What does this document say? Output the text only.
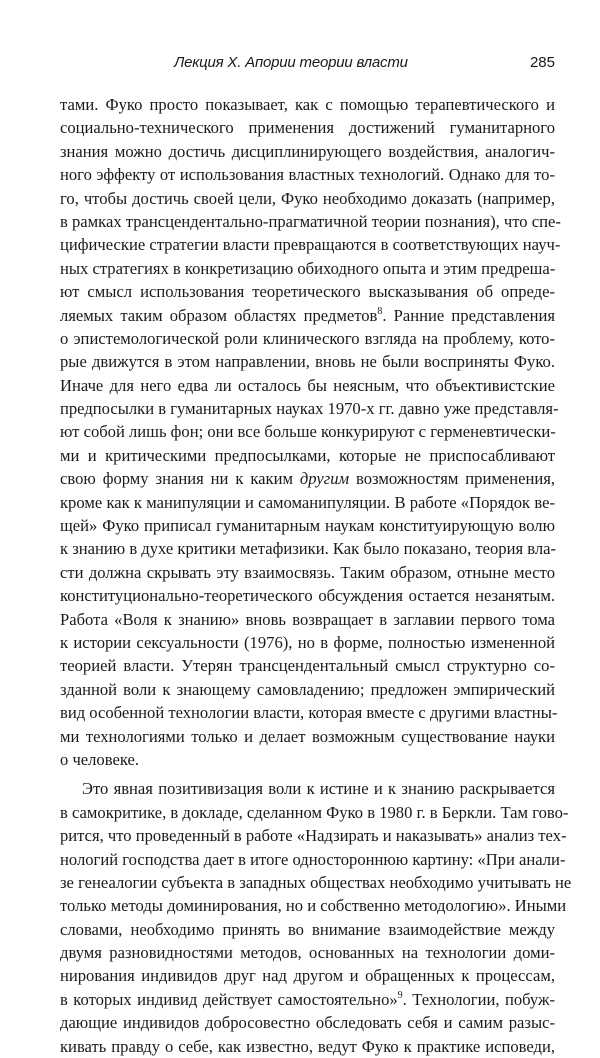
Лекция X. Апории теории власти	285
тами. Фуко просто показывает, как с помощью терапевтического и
социально-технического применения достижений гуманитарного
знания можно достичь дисциплинирующего воздействия, аналогич-
ного эффекту от использования властных технологий. Однако для то-
го, чтобы достичь своей цели, Фуко необходимо доказать (например,
в рамках трансцендентально-прагматичной теории познания), что спе-
цифические стратегии власти превращаются в соответствующих науч-
ных стратегиях в конкретизацию обиходного опыта и этим предреша-
ют смысл использования теоретического высказывания об опреде-
ляемых таким образом областях предметов$^8$. Ранние представления
о эпистемологической роли клинического взгляда на проблему, кото-
рые движутся в этом направлении, вновь не были восприняты Фуко.
Иначе для него едва ли осталось бы неясным, что объективистские
предпосылки в гуманитарных науках 1970-х гг. давно уже представля-
ют собой лишь фон; они все больше конкурируют с герменевтически-
ми и критическими предпосылками, которые не приспосабливают
свою форму знания ни к каким другим возможностям применения,
кроме как к манипуляции и самоманипуляции. В работе «Порядок ве-
щей» Фуко приписал гуманитарным наукам конституирующую волю
к знанию в духе критики метафизики. Как было показано, теория вла-
сти должна скрывать эту взаимосвязь. Таким образом, отныне место
конституционально-теоретического обсуждения остается незанятым.
Работа «Воля к знанию» вновь возвращает в заглавии первого тома
к истории сексуальности (1976), но в форме, полностью измененной
теорией власти. Утерян трансцендентальный смысл структурно со-
зданной воли к знающему самовладению; предложен эмпирический
вид особенной технологии власти, которая вместе с другими властны-
ми технологиями только и делает возможным существование науки
о человеке.
Это явная позитивизация воли к истине и к знанию раскрывается
в самокритике, в докладе, сделанном Фуко в 1980 г. в Беркли. Там гово-
рится, что проведенный в работе «Надзирать и наказывать» анализ тех-
нологий господства дает в итоге одностороннюю картину: «При анали-
зе генеалогии субъекта в западных обществах необходимо учитывать не
только методы доминирования, но и собственно методологию». Иными
словами, необходимо принять во внимание взаимодействие между
двумя разновидностями методов, основанных на технологии доми-
нирования индивидов друг над другом и обращенных к процессам,
в которых индивид действует самостоятельно»$^9$. Технологии, побуж-
дающие индивидов добросовестно обследовать себя и самим разыс-
кивать правду о себе, как известно, ведут Фуко к практике исповеди,
